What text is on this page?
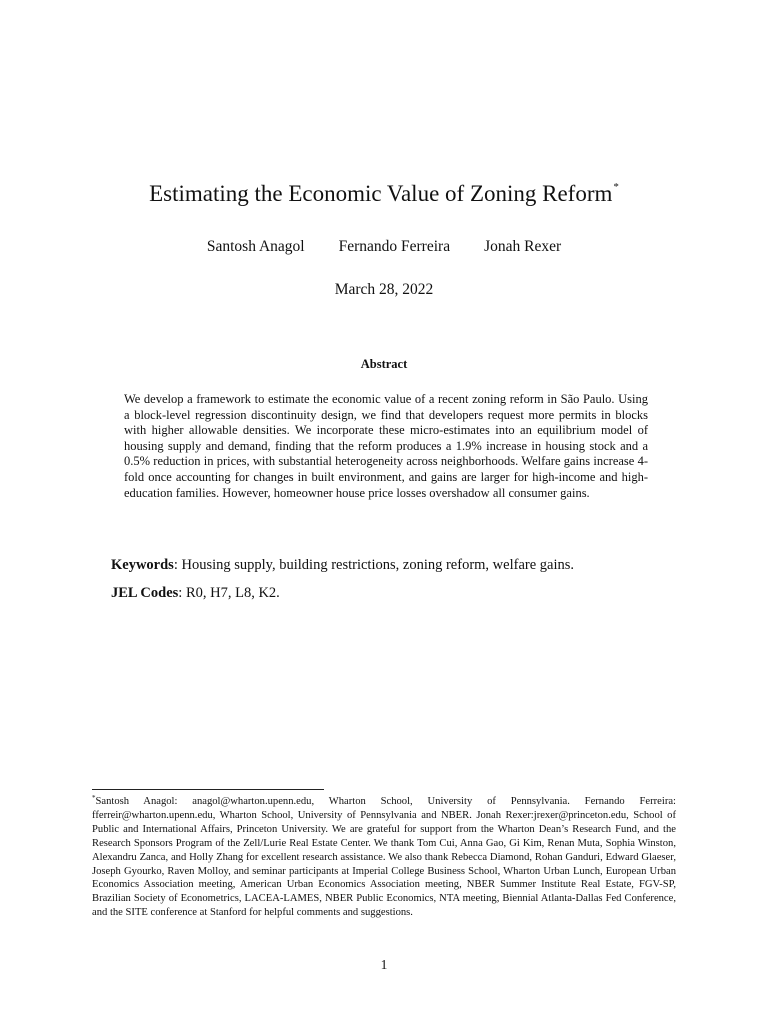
Estimating the Economic Value of Zoning Reform*
Santosh Anagol Fernando Ferreira Jonah Rexer
March 28, 2022
Abstract

We develop a framework to estimate the economic value of a recent zoning reform in São Paulo. Using a block-level regression discontinuity design, we find that developers request more permits in blocks with higher allowable densities. We incorporate these micro-estimates into an equilibrium model of housing supply and demand, finding that the reform produces a 1.9% increase in housing stock and a 0.5% reduction in prices, with substantial heterogeneity across neighborhoods. Welfare gains increase 4-fold once accounting for changes in built environment, and gains are larger for high-income and high-education families. However, homeowner house price losses overshadow all consumer gains.

Keywords: Housing supply, building restrictions, zoning reform, welfare gains.
JEL Codes: R0, H7, L8, K2.

*Santosh Anagol: anagol@wharton.upenn.edu, Wharton School, University of Pennsylvania. Fernando Ferreira: fferreir@wharton.upenn.edu, Wharton School, University of Pennsylvania and NBER. Jonah Rexer:jrexer@princeton.edu, School of Public and International Affairs, Princeton University. We are grateful for support from the Wharton Dean’s Research Fund, and the Research Sponsors Program of the Zell/Lurie Real Estate Center. We thank Tom Cui, Anna Gao, Gi Kim, Renan Muta, Sophia Winston, Alexandru Zanca, and Holly Zhang for excellent research assistance. We also thank Rebecca Diamond, Rohan Ganduri, Edward Glaeser, Joseph Gyourko, Raven Molloy, and seminar participants at Imperial College Business School, Wharton Urban Lunch, European Urban Economics Association meeting, American Urban Economics Association meeting, NBER Summer Institute Real Estate, FGV-SP, Brazilian Society of Econometrics, LACEA-LAMES, NBER Public Economics, NTA meeting, Biennial Atlanta-Dallas Fed Conference, and the SITE conference at Stanford for helpful comments and suggestions.

1
